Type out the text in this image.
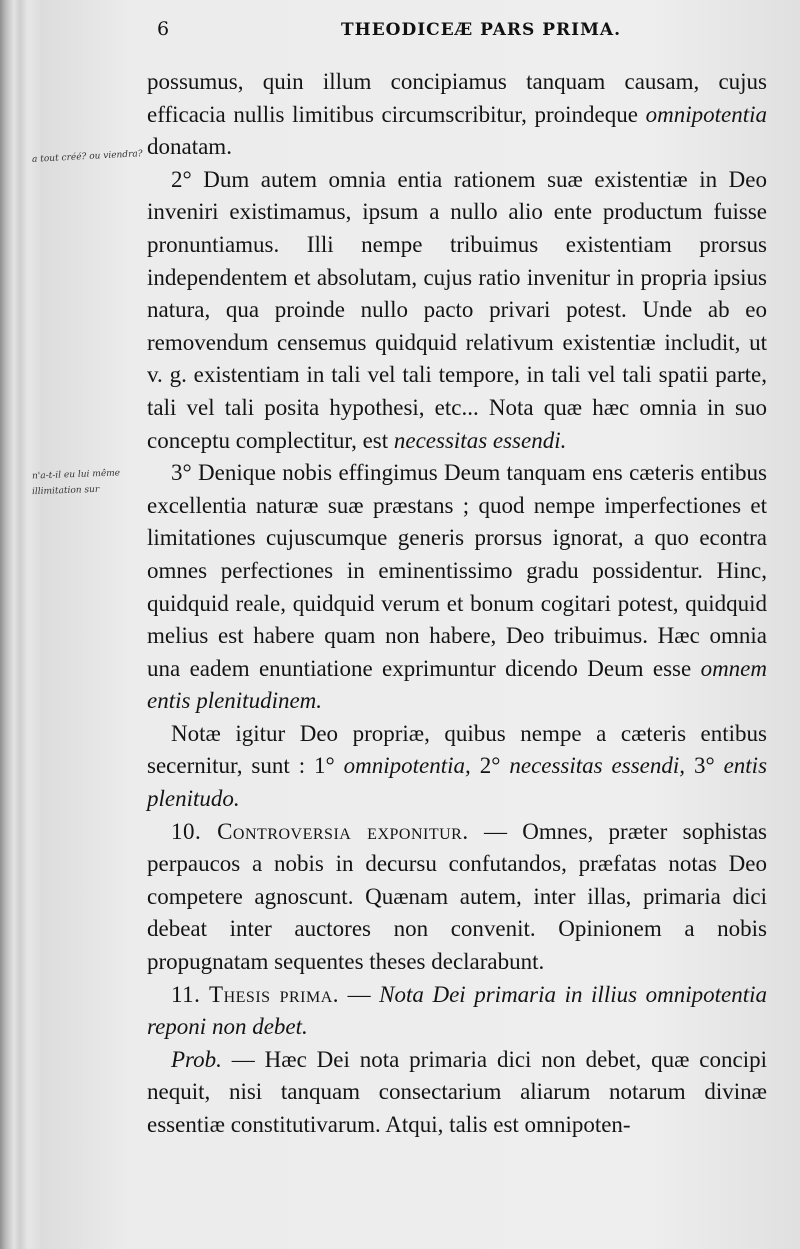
6	THEODICEÆ PARS PRIMA.
a tout créé? ou viendra?
n'a-t-il eu lui même
illimitation sur

possumus, quin illum concipiamus tanquam causam, cujus efficacia nullis limitibus circumscribitur, proindeque omnipotentia donatam.

2° Dum autem omnia entia rationem suæ existentiæ in Deo inveniri existimamus, ipsum a nullo alio ente productum fuisse pronuntiamus. Illi nempe tribuimus existentiam prorsus independentem et absolutam, cujus ratio invenitur in propria ipsius natura, qua proinde nullo pacto privari potest. Unde ab eo removendum censemus quidquid relativum existentiæ includit, ut v. g. existentiam in tali vel tali tempore, in tali vel tali spatii parte, tali vel tali posita hypothesi, etc... Nota quæ hæc omnia in suo conceptu complectitur, est necessitas essendi.

3° Denique nobis effingimus Deum tanquam ens cæteris entibus excellentia naturæ suæ præstans ; quod nempe imperfectiones et limitationes cujuscumque generis prorsus ignorat, a quo econtra omnes perfectiones in eminentissimo gradu possidentur. Hinc, quidquid reale, quidquid verum et bonum cogitari potest, quidquid melius est habere quam non habere, Deo tribuimus. Hæc omnia una eadem enuntiatione exprimuntur dicendo Deum esse omnem entis plenitudinem.

Notæ igitur Deo propriæ, quibus nempe a cæteris entibus secernitur, sunt : 1° omnipotentia, 2° necessitas essendi, 3° entis plenitudo.

10. Controversia exponitur. — Omnes, præter sophistas perpaucos a nobis in decursu confutandos, præfatas notas Deo competere agnoscunt. Quænam autem, inter illas, primaria dici debeat inter auctores non convenit. Opinionem a nobis propugnatam sequentes theses declarabunt.

11. Thesis prima. — Nota Dei primaria in illius omnipotentia reponi non debet.

Prob. — Hæc Dei nota primaria dici non debet, quæ concipi nequit, nisi tanquam consectarium aliarum notarum divinæ essentiæ constitutivarum. Atqui, talis est omnipoten-
